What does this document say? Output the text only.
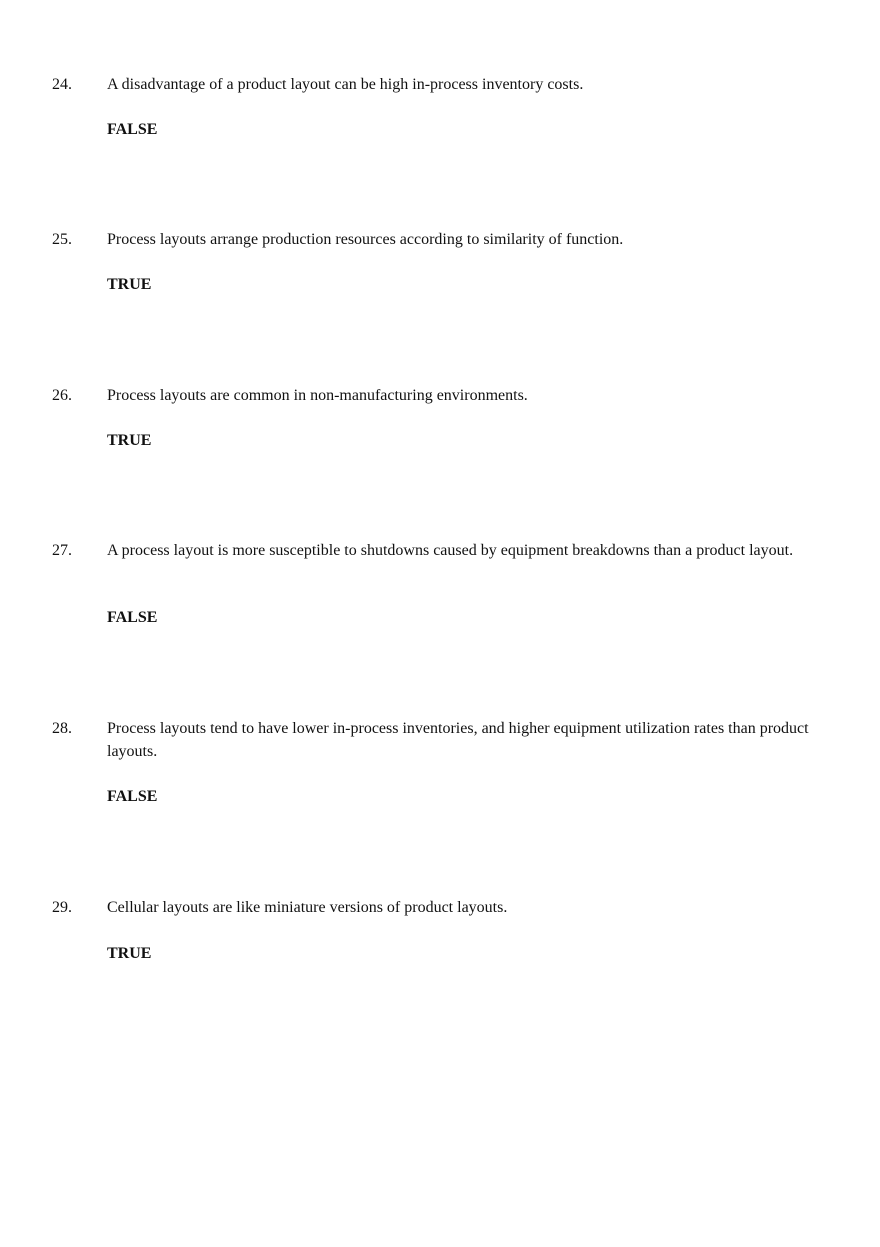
24. A disadvantage of a product layout can be high in-process inventory costs.
FALSE
25. Process layouts arrange production resources according to similarity of function.
TRUE
26. Process layouts are common in non-manufacturing environments.
TRUE
27. A process layout is more susceptible to shutdowns caused by equipment breakdowns than a product layout.
FALSE
28. Process layouts tend to have lower in-process inventories, and higher equipment utilization rates than product layouts.
FALSE
29. Cellular layouts are like miniature versions of product layouts.
TRUE
